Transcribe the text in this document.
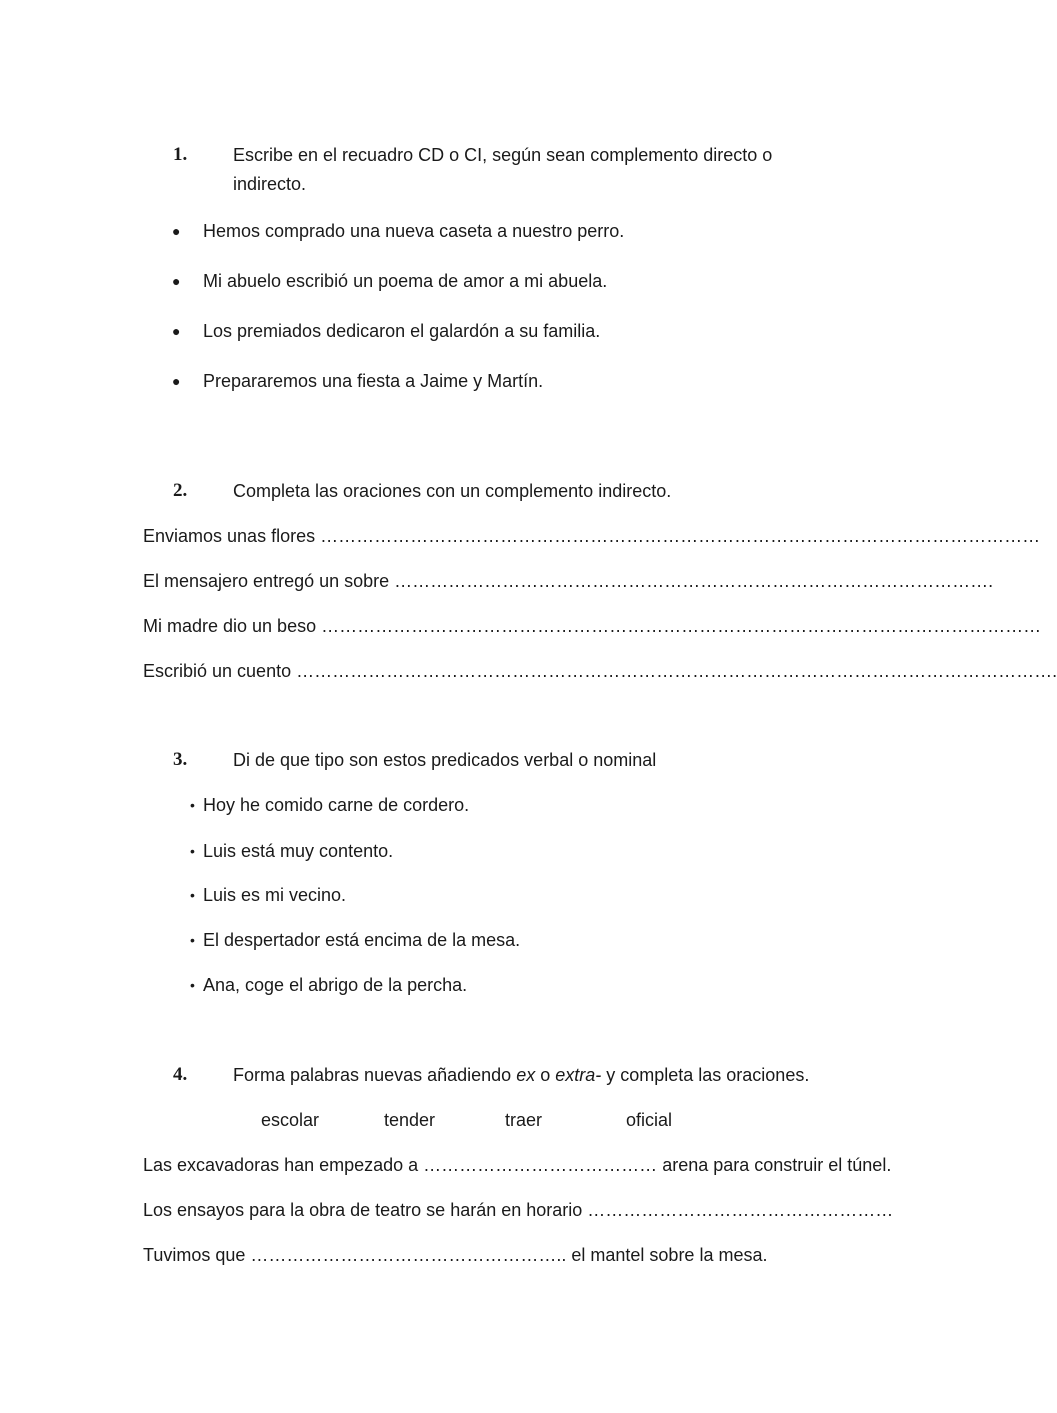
1.	Escribe en el recuadro CD o CI, según sean complemento directo o
indirecto.
● Hemos comprado una nueva caseta a nuestro perro.
● Mi abuelo escribió un poema de amor a mi abuela.
● Los premiados dedicaron el galardón a su familia.
● Prepararemos una fiesta a Jaime y Martín.
2.	Completa las oraciones con un complemento indirecto.
Enviamos unas flores …………………………………………………………………………………………………………
El mensajero entregó un sobre ……………………………………………………………………………………….
Mi madre dio un beso …………………………………………………………………………………………………………
Escribió un cuento ……………………………………………………………………………………………………………….
3.	Di de que tipo son estos predicados verbal o nominal
• Hoy he comido carne de cordero.
• Luis está muy contento.
• Luis es mi vecino.
• El despertador está encima de la mesa.
• Ana, coge el abrigo de la percha.
4.	Forma palabras nuevas añadiendo ex o extra- y completa las oraciones.
escolar	tender	traer	oficial
Las excavadoras han empezado a ………………………………… arena para construir el túnel.
Los ensayos para la obra de teatro se harán en horario ……………………………………………
Tuvimos que …………………………………………….. el mantel sobre la mesa.
